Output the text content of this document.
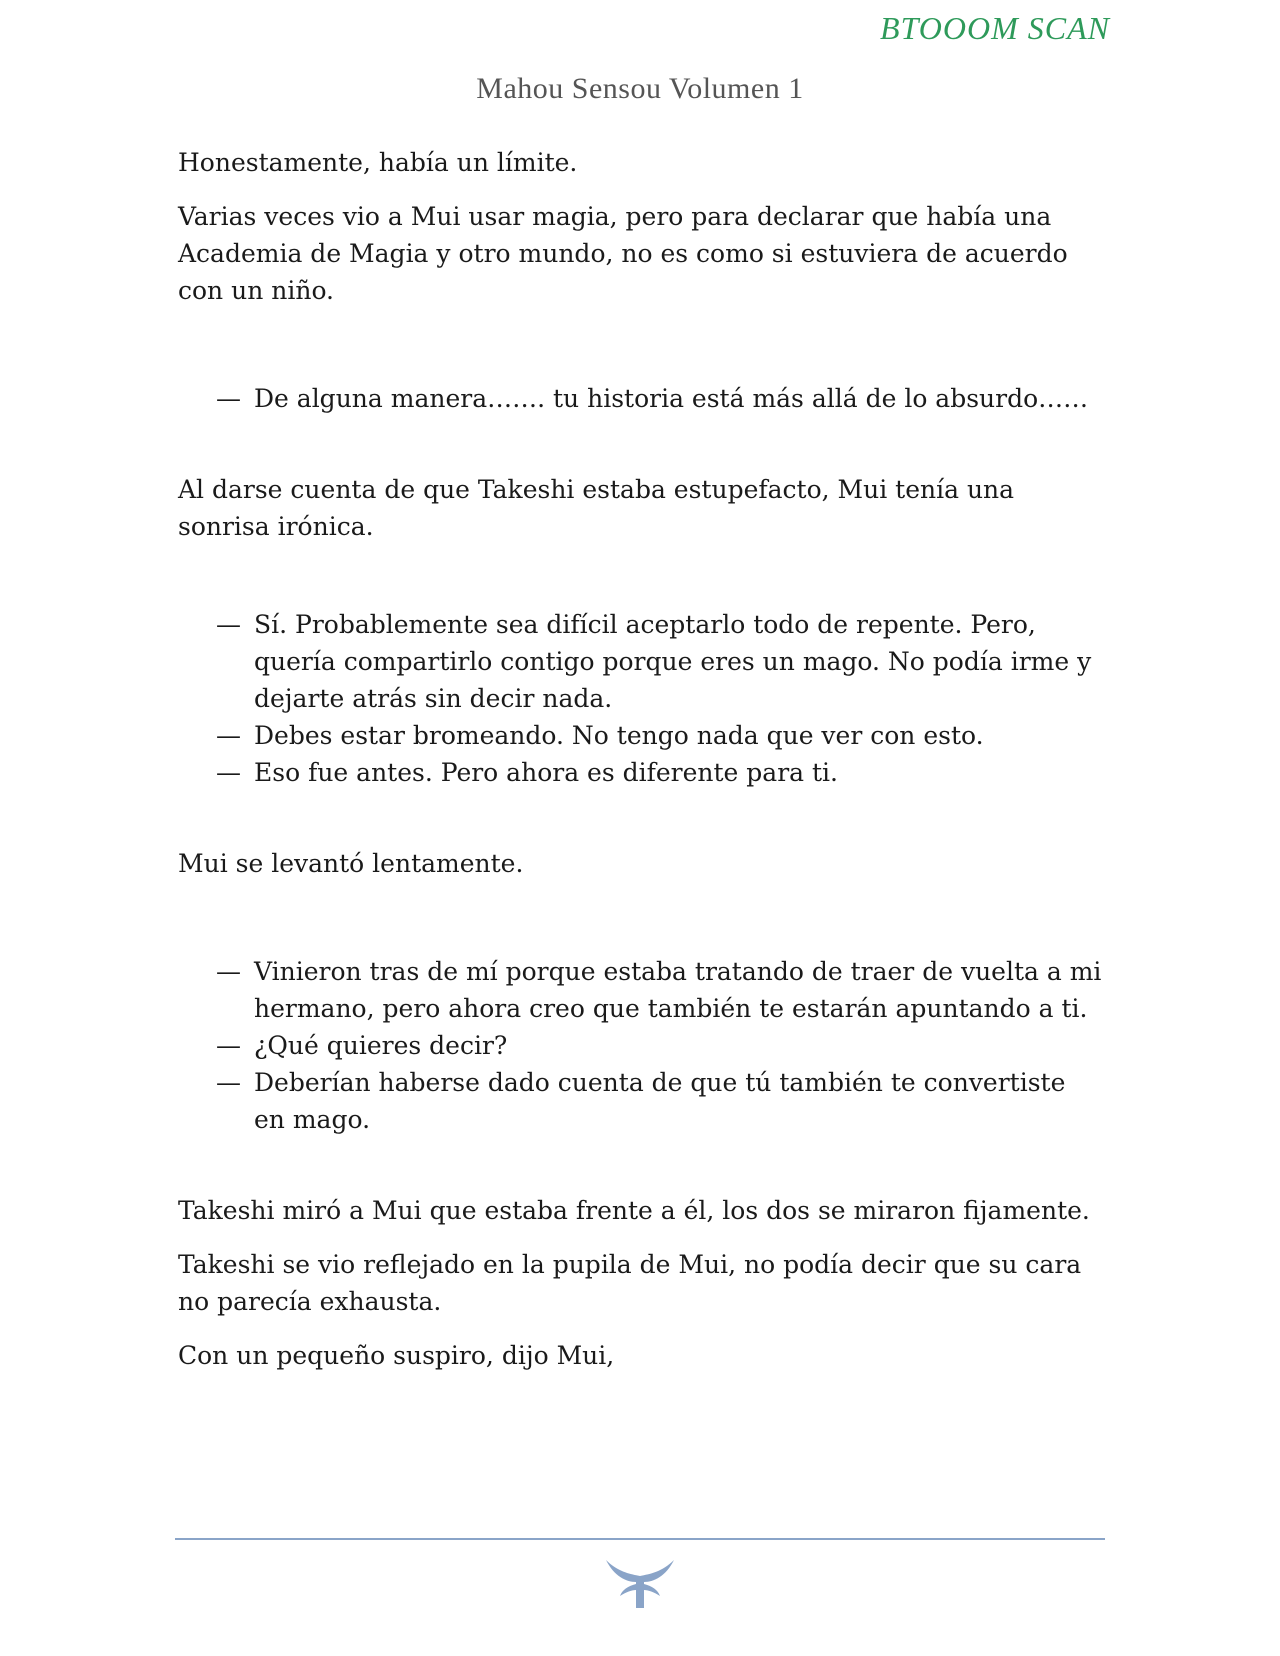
BTOOOM SCAN
Mahou Sensou Volumen 1

Honestamente, había un límite.

Varias veces vio a Mui usar magia, pero para declarar que había una Academia de Magia y otro mundo, no es como si estuviera de acuerdo con un niño.

— De alguna manera……. tu historia está más allá de lo absurdo……

Al darse cuenta de que Takeshi estaba estupefacto, Mui tenía una sonrisa irónica.

— Sí. Probablemente sea difícil aceptarlo todo de repente. Pero, quería compartirlo contigo porque eres un mago. No podía irme y dejarte atrás sin decir nada.
— Debes estar bromeando. No tengo nada que ver con esto.
— Eso fue antes. Pero ahora es diferente para ti.

Mui se levantó lentamente.

— Vinieron tras de mí porque estaba tratando de traer de vuelta a mi hermano, pero ahora creo que también te estarán apuntando a ti.
— ¿Qué quieres decir?
— Deberían haberse dado cuenta de que tú también te convertiste en mago.

Takeshi miró a Mui que estaba frente a él, los dos se miraron fijamente.

Takeshi se vio reflejado en la pupila de Mui, no podía decir que su cara no parecía exhausta.

Con un pequeño suspiro, dijo Mui,
